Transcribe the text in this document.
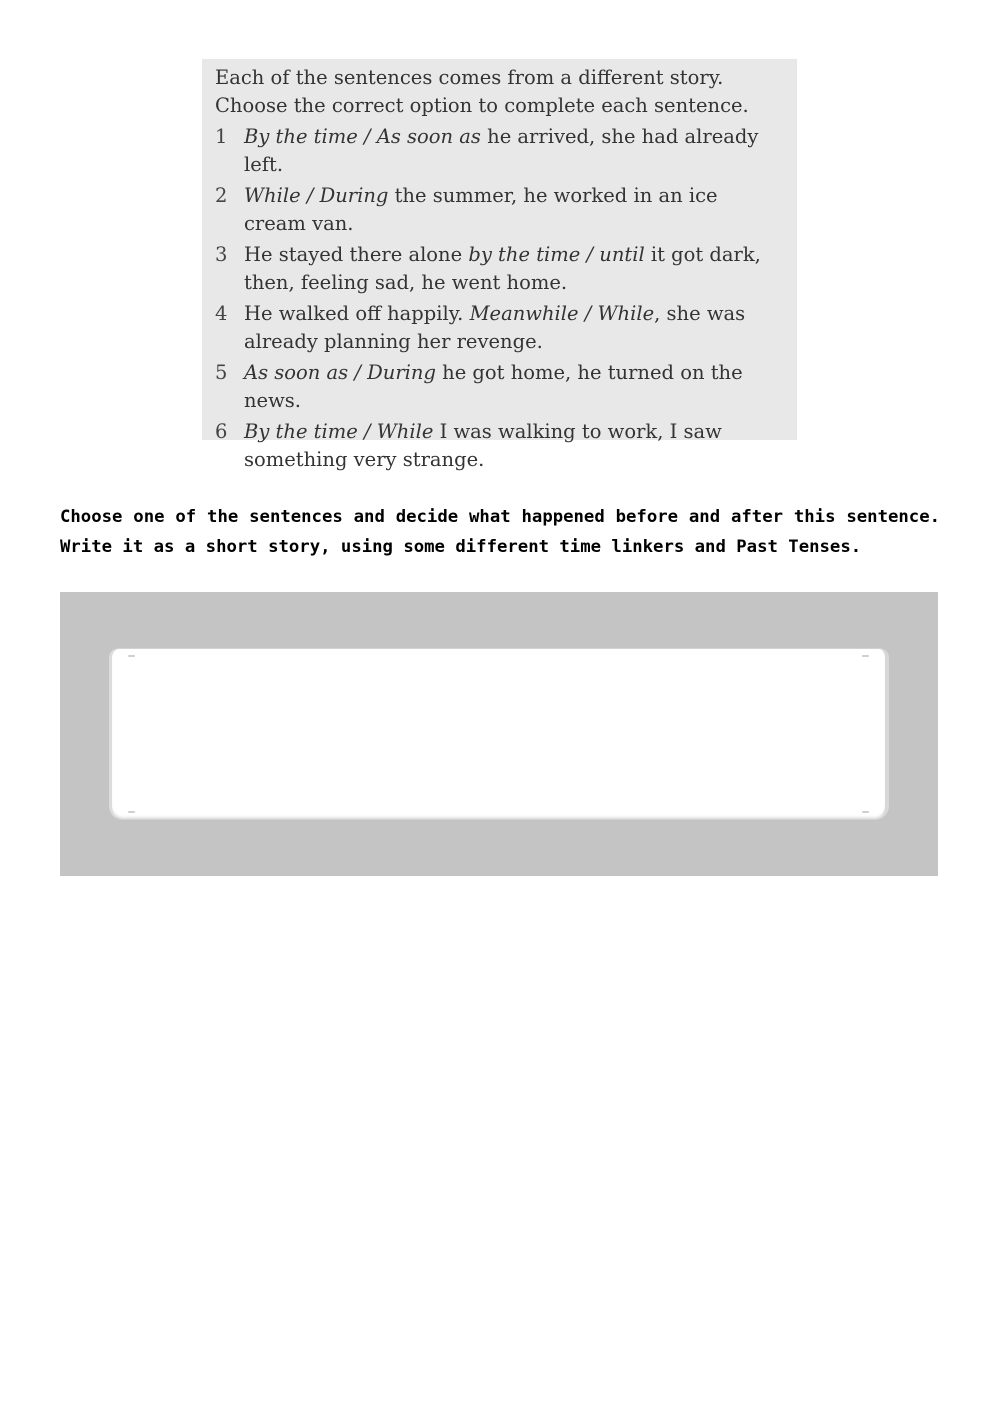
Each of the sentences comes from a different story. Choose the correct option to complete each sentence.

1 By the time / As soon as he arrived, she had already left.
2 While / During the summer, he worked in an ice cream van.
3 He stayed there alone by the time / until it got dark, then, feeling sad, he went home.
4 He walked off happily. Meanwhile / While, she was already planning her revenge.
5 As soon as / During he got home, he turned on the news.
6 By the time / While I was walking to work, I saw something very strange.

Choose one of the sentences and decide what happened before and after this sentence. Write it as a short story, using some different time linkers and Past Tenses.
